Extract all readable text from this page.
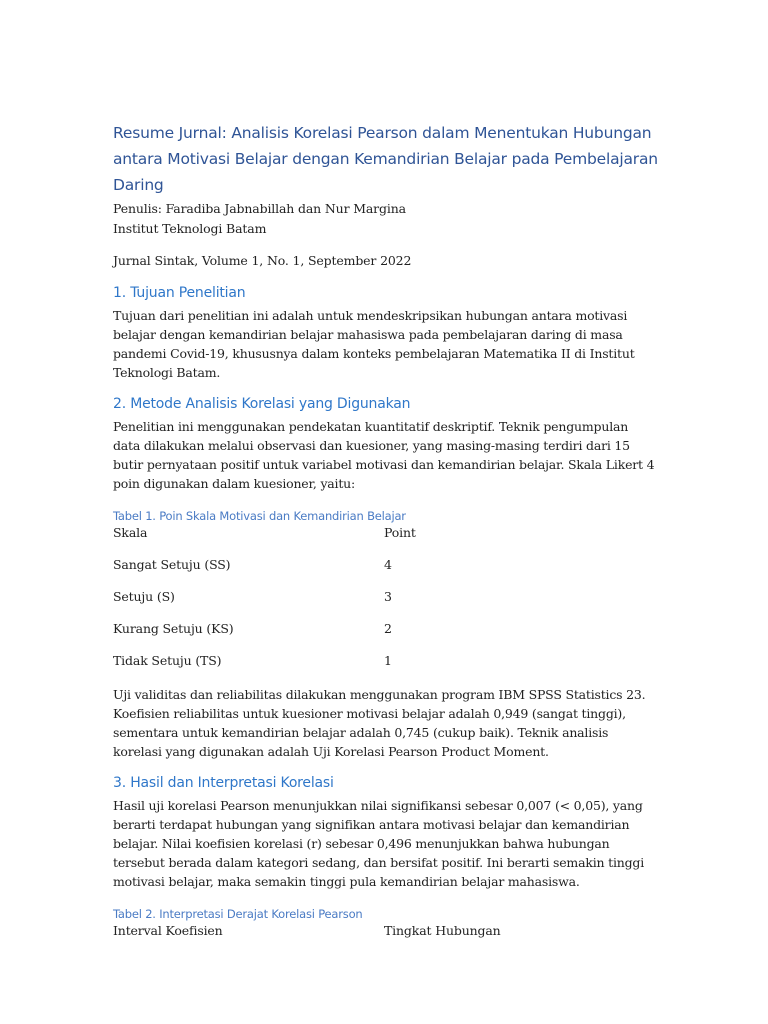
Resume Jurnal: Analisis Korelasi Pearson dalam Menentukan Hubungan antara Motivasi Belajar dengan Kemandirian Belajar pada Pembelajaran Daring

Penulis: Faradiba Jabnabillah dan Nur Margina

Institut Teknologi Batam

Jurnal Sintak, Volume 1, No. 1, September 2022

1. Tujuan Penelitian

Tujuan dari penelitian ini adalah untuk mendeskripsikan hubungan antara motivasi belajar dengan kemandirian belajar mahasiswa pada pembelajaran daring di masa pandemi Covid-19, khususnya dalam konteks pembelajaran Matematika II di Institut Teknologi Batam.

2. Metode Analisis Korelasi yang Digunakan

Penelitian ini menggunakan pendekatan kuantitatif deskriptif. Teknik pengumpulan data dilakukan melalui observasi dan kuesioner, yang masing-masing terdiri dari 15 butir pernyataan positif untuk variabel motivasi dan kemandirian belajar. Skala Likert 4 poin digunakan dalam kuesioner, yaitu:

Tabel 1. Poin Skala Motivasi dan Kemandirian Belajar
Skala	Point
Sangat Setuju (SS)	4
Setuju (S)	3
Kurang Setuju (KS)	2
Tidak Setuju (TS)	1

Uji validitas dan reliabilitas dilakukan menggunakan program IBM SPSS Statistics 23. Koefisien reliabilitas untuk kuesioner motivasi belajar adalah 0,949 (sangat tinggi), sementara untuk kemandirian belajar adalah 0,745 (cukup baik). Teknik analisis korelasi yang digunakan adalah Uji Korelasi Pearson Product Moment.

3. Hasil dan Interpretasi Korelasi

Hasil uji korelasi Pearson menunjukkan nilai signifikansi sebesar 0,007 (< 0,05), yang berarti terdapat hubungan yang signifikan antara motivasi belajar dan kemandirian belajar. Nilai koefisien korelasi (r) sebesar 0,496 menunjukkan bahwa hubungan tersebut berada dalam kategori sedang, dan bersifat positif. Ini berarti semakin tinggi motivasi belajar, maka semakin tinggi pula kemandirian belajar mahasiswa.

Tabel 2. Interpretasi Derajat Korelasi Pearson
Interval Koefisien	Tingkat Hubungan
